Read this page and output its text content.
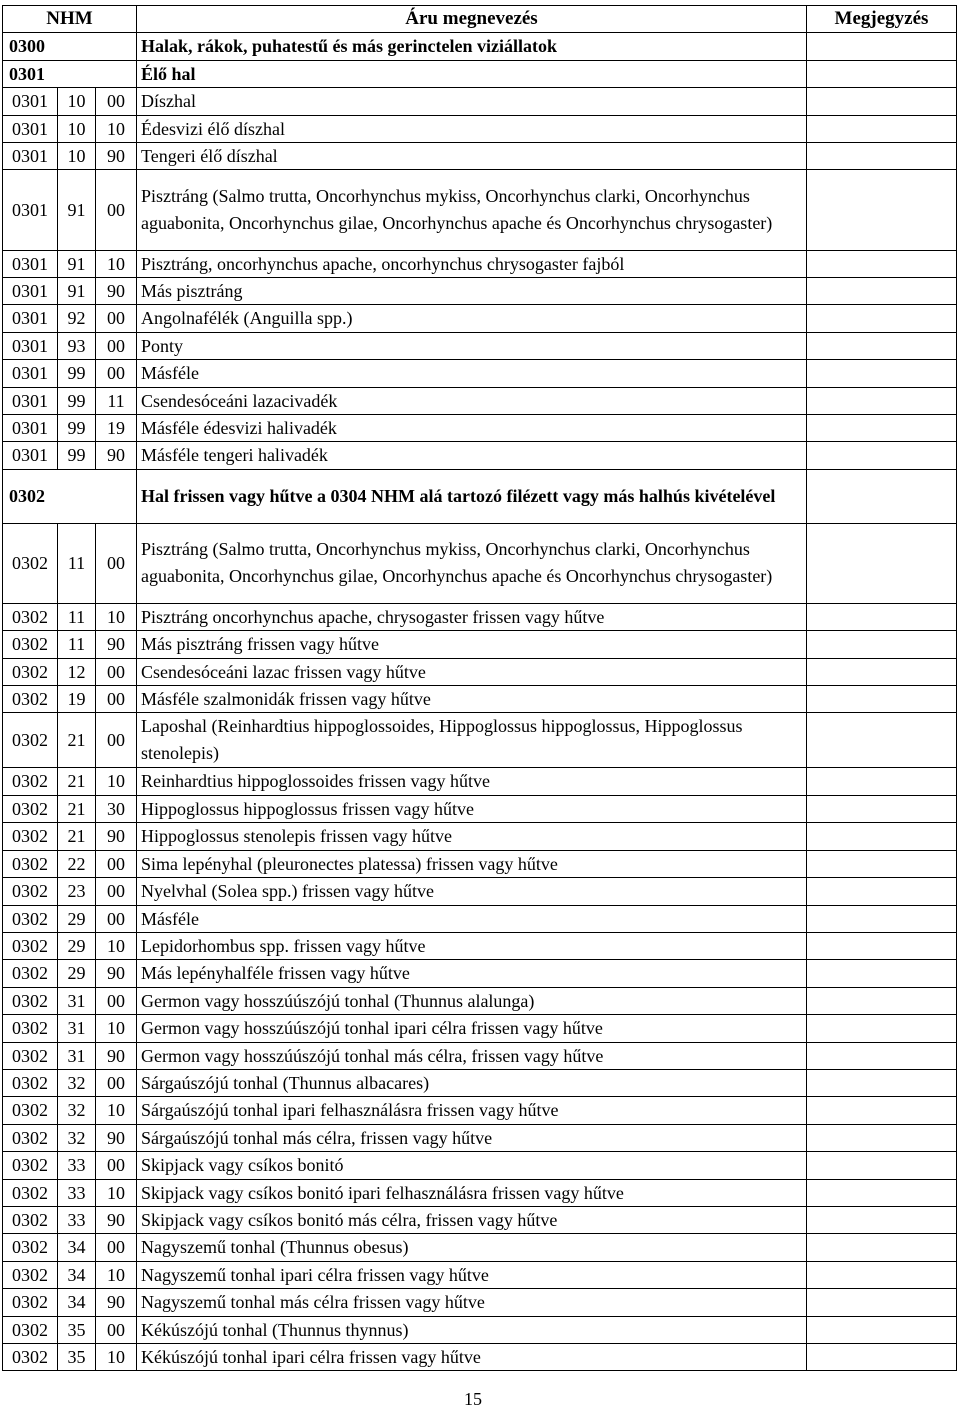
NHM			Áru megnevezés	Megjegyzés
0300			Halak, rákok, puhatestű és más gerinctelen viziállatok	
0301			Élő hal	
0301	10	00	Díszhal	
0301	10	10	Édesvizi élő díszhal	
0301	10	90	Tengeri élő díszhal	
0301	91	00	Pisztráng (Salmo trutta, Oncorhynchus mykiss, Oncorhynchus clarki, Oncorhynchus aguabonita, Oncorhynchus gilae, Oncorhynchus apache és Oncorhynchus chrysogaster)	
0301	91	10	Pisztráng, oncorhynchus apache, oncorhynchus chrysogaster fajból	
0301	91	90	Más pisztráng	
0301	92	00	Angolnafélék (Anguilla spp.)	
0301	93	00	Ponty	
0301	99	00	Másféle	
0301	99	11	Csendesóceáni lazacivadék	
0301	99	19	Másféle édesvizi halivadék	
0301	99	90	Másféle tengeri halivadék	
0302			Hal frissen vagy hűtve a 0304 NHM alá tartozó filézett vagy más halhús kivételével	
0302	11	00	Pisztráng (Salmo trutta, Oncorhynchus mykiss, Oncorhynchus clarki, Oncorhynchus aguabonita, Oncorhynchus gilae, Oncorhynchus apache és Oncorhynchus chrysogaster)	
0302	11	10	Pisztráng oncorhynchus apache, chrysogaster frissen vagy hűtve	
0302	11	90	Más pisztráng frissen vagy hűtve	
0302	12	00	Csendesóceáni lazac frissen vagy hűtve	
0302	19	00	Másféle szalmonidák frissen vagy hűtve	
0302	21	00	Laposhal (Reinhardtius hippoglossoides, Hippoglossus hippoglossus, Hippoglossus stenolepis)	
0302	21	10	Reinhardtius hippoglossoides frissen vagy hűtve	
0302	21	30	Hippoglossus hippoglossus frissen vagy hűtve	
0302	21	90	Hippoglossus stenolepis frissen vagy hűtve	
0302	22	00	Sima lepényhal (pleuronectes platessa) frissen vagy hűtve	
0302	23	00	Nyelvhal (Solea spp.) frissen vagy hűtve	
0302	29	00	Másféle	
0302	29	10	Lepidorhombus spp. frissen vagy hűtve	
0302	29	90	Más lepényhalféle frissen vagy hűtve	
0302	31	00	Germon vagy hosszúúszójú tonhal (Thunnus alalunga)	
0302	31	10	Germon vagy hosszúúszójú tonhal ipari célra frissen vagy hűtve	
0302	31	90	Germon vagy hosszúúszójú tonhal más célra, frissen vagy hűtve	
0302	32	00	Sárgaúszójú tonhal (Thunnus albacares)	
0302	32	10	Sárgaúszójú tonhal ipari felhasználásra frissen vagy hűtve	
0302	32	90	Sárgaúszójú tonhal más célra, frissen vagy hűtve	
0302	33	00	Skipjack vagy csíkos bonitó	
0302	33	10	Skipjack vagy csíkos bonitó ipari felhasználásra frissen vagy hűtve	
0302	33	90	Skipjack vagy csíkos bonitó más célra, frissen vagy hűtve	
0302	34	00	Nagyszemű tonhal (Thunnus obesus)	
0302	34	10	Nagyszemű tonhal ipari célra frissen vagy hűtve	
0302	34	90	Nagyszemű tonhal más célra frissen vagy hűtve	
0302	35	00	Kékúszójú tonhal (Thunnus thynnus)	
0302	35	10	Kékúszójú tonhal ipari célra frissen vagy hűtve	
15
